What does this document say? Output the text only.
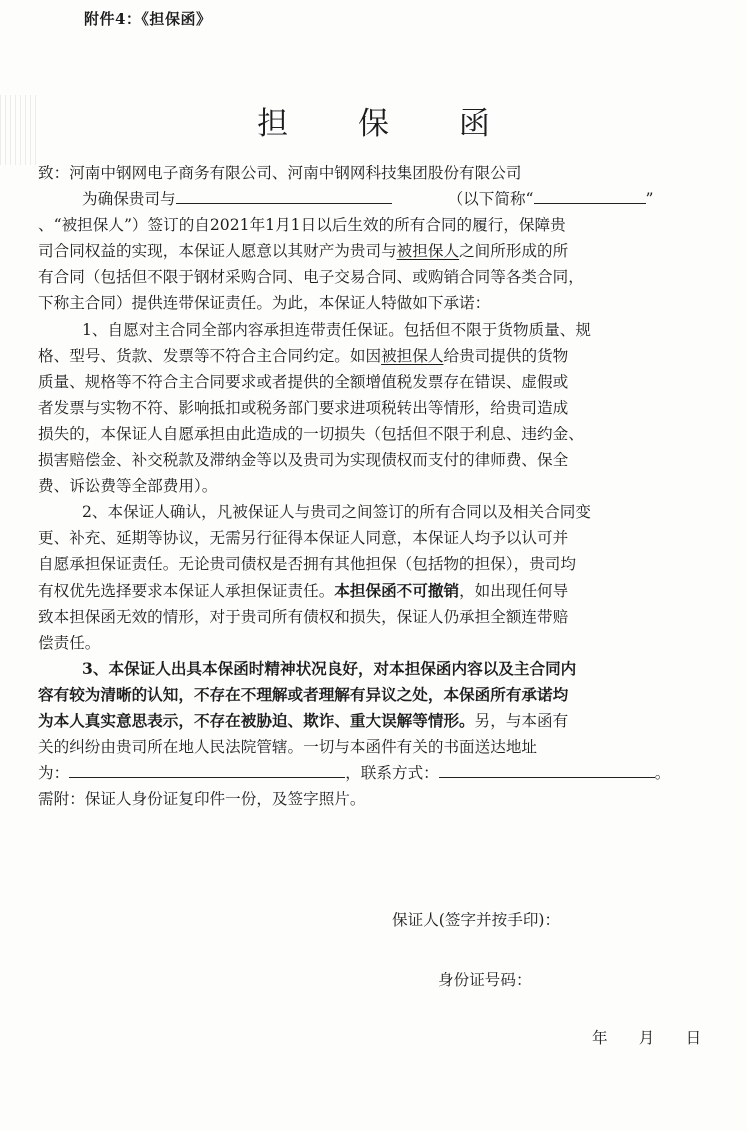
附件4：《担保函》
担 保 函
致：河南中钢网电子商务有限公司、河南中钢网科技集团股份有限公司
为确保贵司与	（以下简称“	”
、“被担保人”）签订的自2021年1月1日以后生效的所有合同的履行，保障贵
司合同权益的实现，本保证人愿意以其财产为贵司与被担保人之间所形成的所
有合同（包括但不限于钢材采购合同、电子交易合同、或购销合同等各类合同，
下称主合同）提供连带保证责任。为此，本保证人特做如下承诺：
1、自愿对主合同全部内容承担连带责任保证。包括但不限于货物质量、规
格、型号、货款、发票等不符合主合同约定。如因被担保人给贵司提供的货物
质量、规格等不符合主合同要求或者提供的全额增值税发票存在错误、虚假或
者发票与实物不符、影响抵扣或税务部门要求进项税转出等情形，给贵司造成
损失的，本保证人自愿承担由此造成的一切损失（包括但不限于利息、违约金、
损害赔偿金、补交税款及滞纳金等以及贵司为实现债权而支付的律师费、保全
费、诉讼费等全部费用）。
2、本保证人确认，凡被保证人与贵司之间签订的所有合同以及相关合同变
更、补充、延期等协议，无需另行征得本保证人同意，本保证人均予以认可并
自愿承担保证责任。无论贵司债权是否拥有其他担保（包括物的担保），贵司均
有权优先选择要求本保证人承担保证责任。本担保函不可撤销，如出现任何导
致本担保函无效的情形，对于贵司所有债权和损失，保证人仍承担全额连带赔
偿责任。
3、本保证人出具本保函时精神状况良好，对本担保函内容以及主合同内
容有较为清晰的认知，不存在不理解或者理解有异议之处，本保函所有承诺均
为本人真实意思表示，不存在被胁迫、欺诈、重大误解等情形。另，与本函有
关的纠纷由贵司所在地人民法院管辖。一切与本函件有关的书面送达地址
为：	，联系方式：	。
需附：保证人身份证复印件一份，及签字照片。
保证人(签字并按手印)：
身份证号码：
年　　月　　日
